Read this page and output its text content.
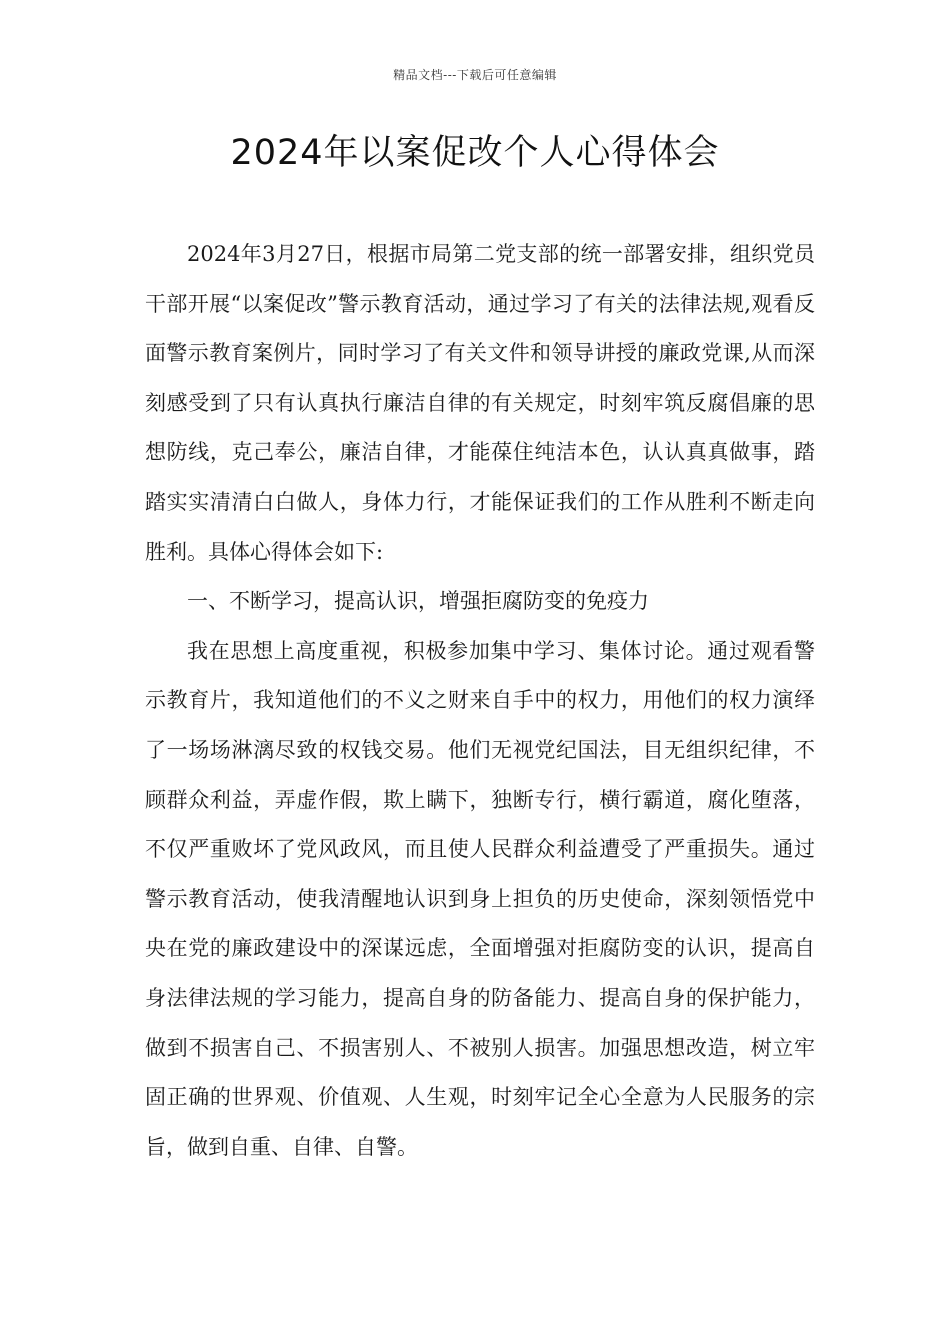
精品文档---下载后可任意编辑
2024年以案促改个人心得体会

2024年3月27日，根据市局第二党支部的统一部署安排，组织党员干部开展“以案促改”警示教育活动，通过学习了有关的法律法规,观看反面警示教育案例片，同时学习了有关文件和领导讲授的廉政党课,从而深刻感受到了只有认真执行廉洁自律的有关规定，时刻牢筑反腐倡廉的思想防线，克己奉公，廉洁自律，才能葆住纯洁本色，认认真真做事，踏踏实实清清白白做人，身体力行，才能保证我们的工作从胜利不断走向胜利。具体心得体会如下:

一、不断学习，提高认识，增强拒腐防变的免疫力

我在思想上高度重视，积极参加集中学习、集体讨论。通过观看警示教育片，我知道他们的不义之财来自手中的权力，用他们的权力演绎了一场场淋漓尽致的权钱交易。他们无视党纪国法，目无组织纪律，不顾群众利益，弄虚作假，欺上瞒下，独断专行，横行霸道，腐化堕落，不仅严重败坏了党风政风，而且使人民群众利益遭受了严重损失。通过警示教育活动，使我清醒地认识到身上担负的历史使命，深刻领悟党中央在党的廉政建设中的深谋远虑，全面增强对拒腐防变的认识，提高自身法律法规的学习能力，提高自身的防备能力、提高自身的保护能力，做到不损害自己、不损害别人、不被别人损害。加强思想改造，树立牢固正确的世界观、价值观、人生观，时刻牢记全心全意为人民服务的宗旨，做到自重、自律、自警。
